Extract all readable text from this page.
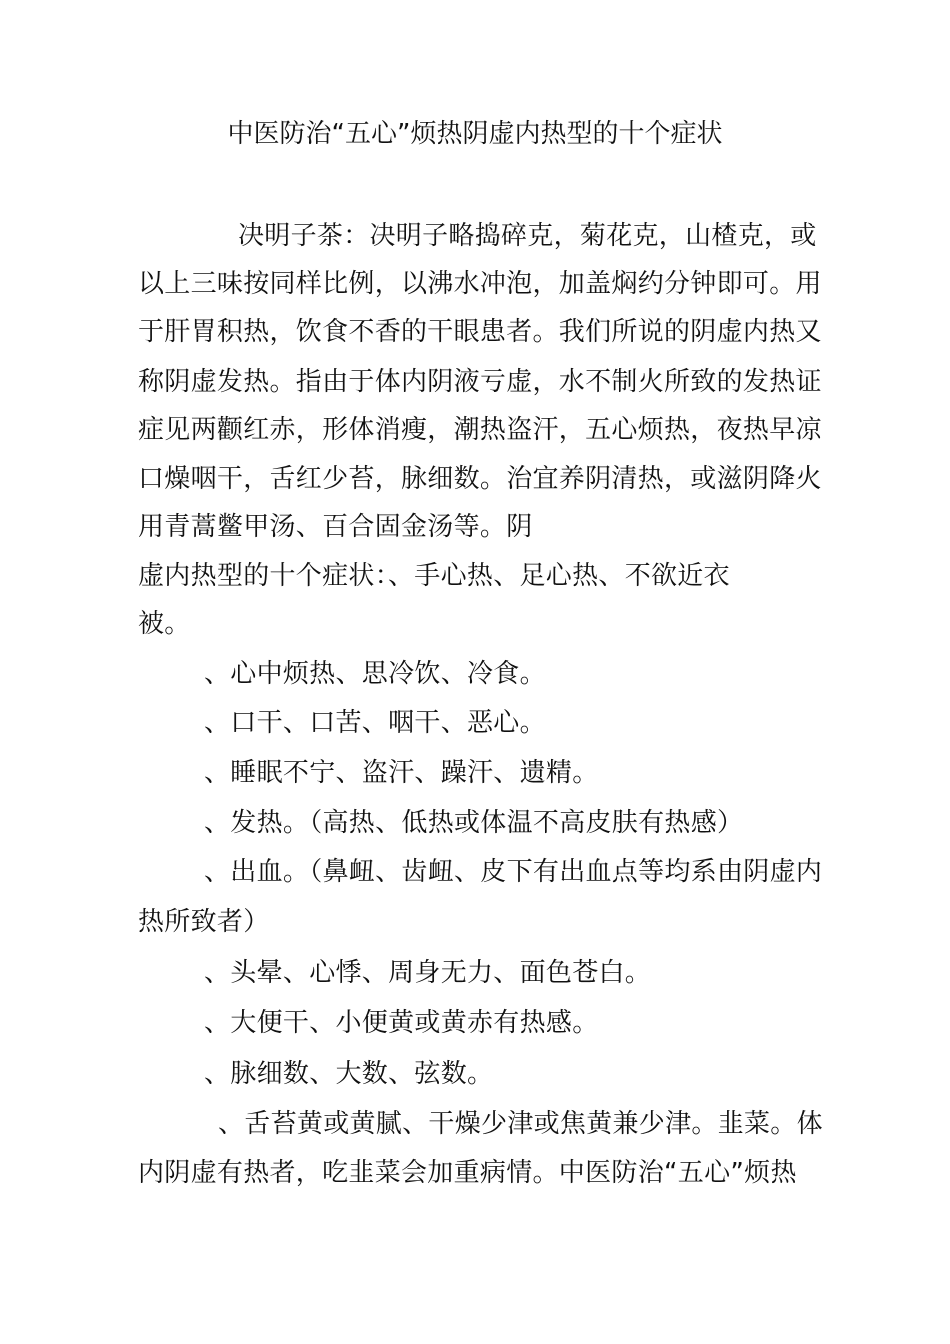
中医防治“五心”烦热阴虚内热型的十个症状
决明子茶：决明子略捣碎克，菊花克，山楂克，或
以上三味按同样比例，以沸水冲泡，加盖焖约分钟即可。用
于肝胃积热，饮食不香的干眼患者。我们所说的阴虚内热又
称阴虚发热。指由于体内阴液亏虚，水不制火所致的发热证
症见两颧红赤，形体消瘦，潮热盗汗，五心烦热，夜热早凉
口燥咽干，舌红少苔，脉细数。治宜养阴清热，或滋阴降火
用青蒿鳖甲汤、百合固金汤等。阴
虚内热型的十个症状：、手心热、足心热、不欲近衣
被。
、心中烦热、思冷饮、冷食。
、口干、口苦、咽干、恶心。
、睡眠不宁、盗汗、躁汗、遗精。
、发热。（高热、低热或体温不高皮肤有热感）
、出血。（鼻衄、齿衄、皮下有出血点等均系由阴虚内
热所致者）
、头晕、心悸、周身无力、面色苍白。
、大便干、小便黄或黄赤有热感。
、脉细数、大数、弦数。
、舌苔黄或黄腻、干燥少津或焦黄兼少津。韭菜。体
内阴虚有热者，吃韭菜会加重病情。中医防治“五心”烦热
